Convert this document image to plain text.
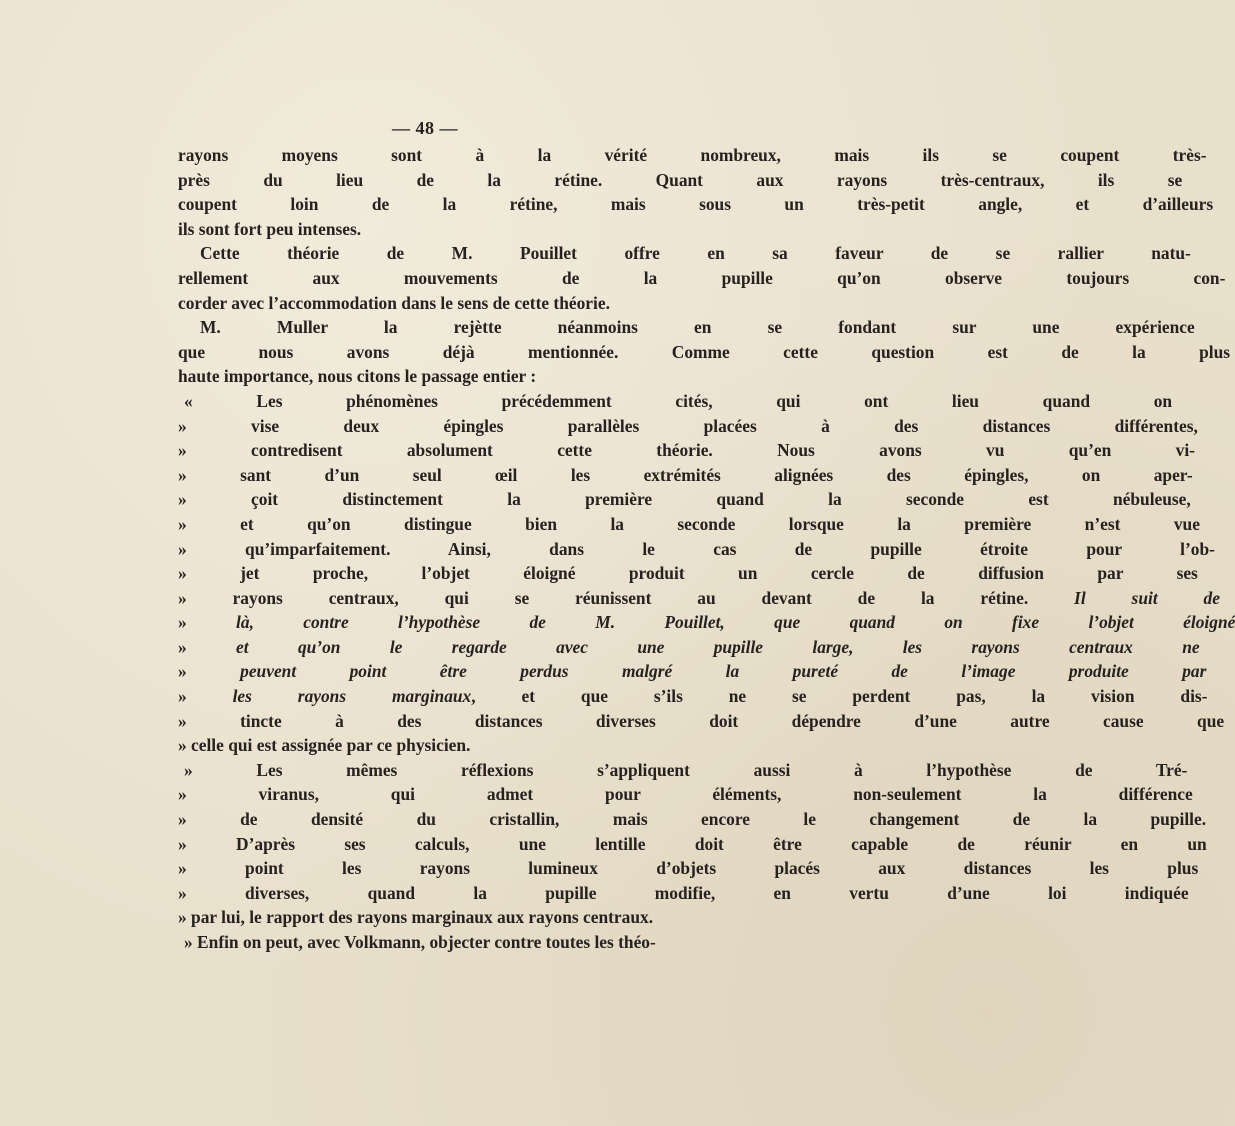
— 48 —
rayons moyens sont à la vérité nombreux, mais ils se coupent très-
près du lieu de la rétine. Quant aux rayons très-centraux, ils se
coupent loin de la rétine, mais sous un très-petit angle, et d’ailleurs
ils sont fort peu intenses.
Cette théorie de M. Pouillet offre en sa faveur de se rallier natu-
rellement aux mouvements de la pupille qu’on observe toujours con-
corder avec l’accommodation dans le sens de cette théorie.
M. Muller la rejètte néanmoins en se fondant sur une expérience
que nous avons déjà mentionnée. Comme cette question est de la plus
haute importance, nous citons le passage entier :
« Les phénomènes précédemment cités, qui ont lieu quand on
» vise deux épingles parallèles placées à des distances différentes,
» contredisent absolument cette théorie. Nous avons vu qu’en vi-
» sant d’un seul œil les extrémités alignées des épingles, on aper-
» çoit distinctement la première quand la seconde est nébuleuse,
» et qu’on distingue bien la seconde lorsque la première n’est vue
» qu’imparfaitement. Ainsi, dans le cas de pupille étroite pour l’ob-
» jet proche, l’objet éloigné produit un cercle de diffusion par ses
» rayons centraux, qui se réunissent au devant de la rétine. Il suit de
» là, contre l’hypothèse de M. Pouillet, que quand on fixe l’objet éloigné
» et qu’on le regarde avec une pupille large, les rayons centraux ne
» peuvent point être perdus malgré la pureté de l’image produite par
» les rayons marginaux, et que s’ils ne se perdent pas, la vision dis-
» tincte à des distances diverses doit dépendre d’une autre cause que
» celle qui est assignée par ce physicien.
» Les mêmes réflexions s’appliquent aussi à l’hypothèse de Tré-
» viranus, qui admet pour éléments, non-seulement la différence
» de densité du cristallin, mais encore le changement de la pupille.
» D’après ses calculs, une lentille doit être capable de réunir en un
» point les rayons lumineux d’objets placés aux distances les plus
» diverses, quand la pupille modifie, en vertu d’une loi indiquée
» par lui, le rapport des rayons marginaux aux rayons centraux.
» Enfin on peut, avec Volkmann, objecter contre toutes les théo-
